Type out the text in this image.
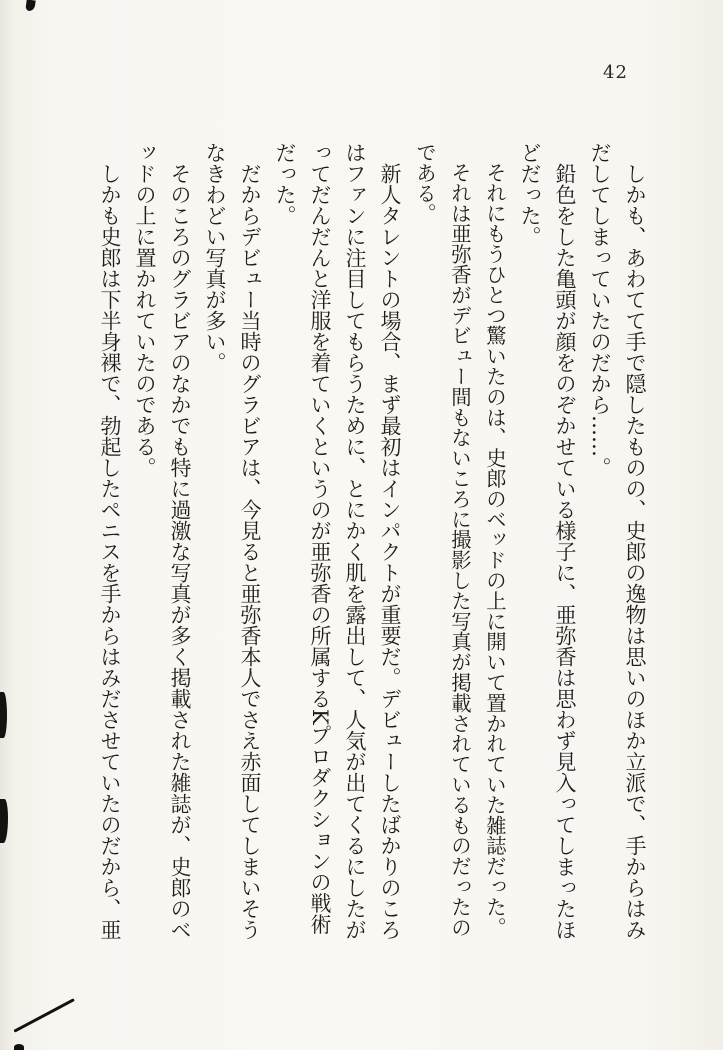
42

しかも、あわてて手で隠したものの、史郎の逸物は思いのほか立派で、手からはみだしてしまっていたのだから……。

鉛色をした亀頭が顔をのぞかせている様子に、亜弥香は思わず見入ってしまったほどだった。

それにもうひとつ驚いたのは、史郎のベッドの上に開いて置かれていた雑誌だった。

それは亜弥香がデビュー間もないころに撮影した写真が掲載されているものだったのである。

新人タレントの場合、まず最初はインパクトが重要だ。デビューしたばかりのころはファンに注目してもらうために、とにかく肌を露出して、人気が出てくるにしたがってだんだんと洋服を着ていくというのが亜弥香の所属するKプロダクションの戦術だった。

だからデビュー当時のグラビアは、今見ると亜弥香本人でさえ赤面してしまいそうなきわどい写真が多い。

そのころのグラビアのなかでも特に過激な写真が多く掲載された雑誌が、史郎のベッドの上に置かれていたのである。

しかも史郎は下半身裸で、勃起したペニスを手からはみださせていたのだから、亜
